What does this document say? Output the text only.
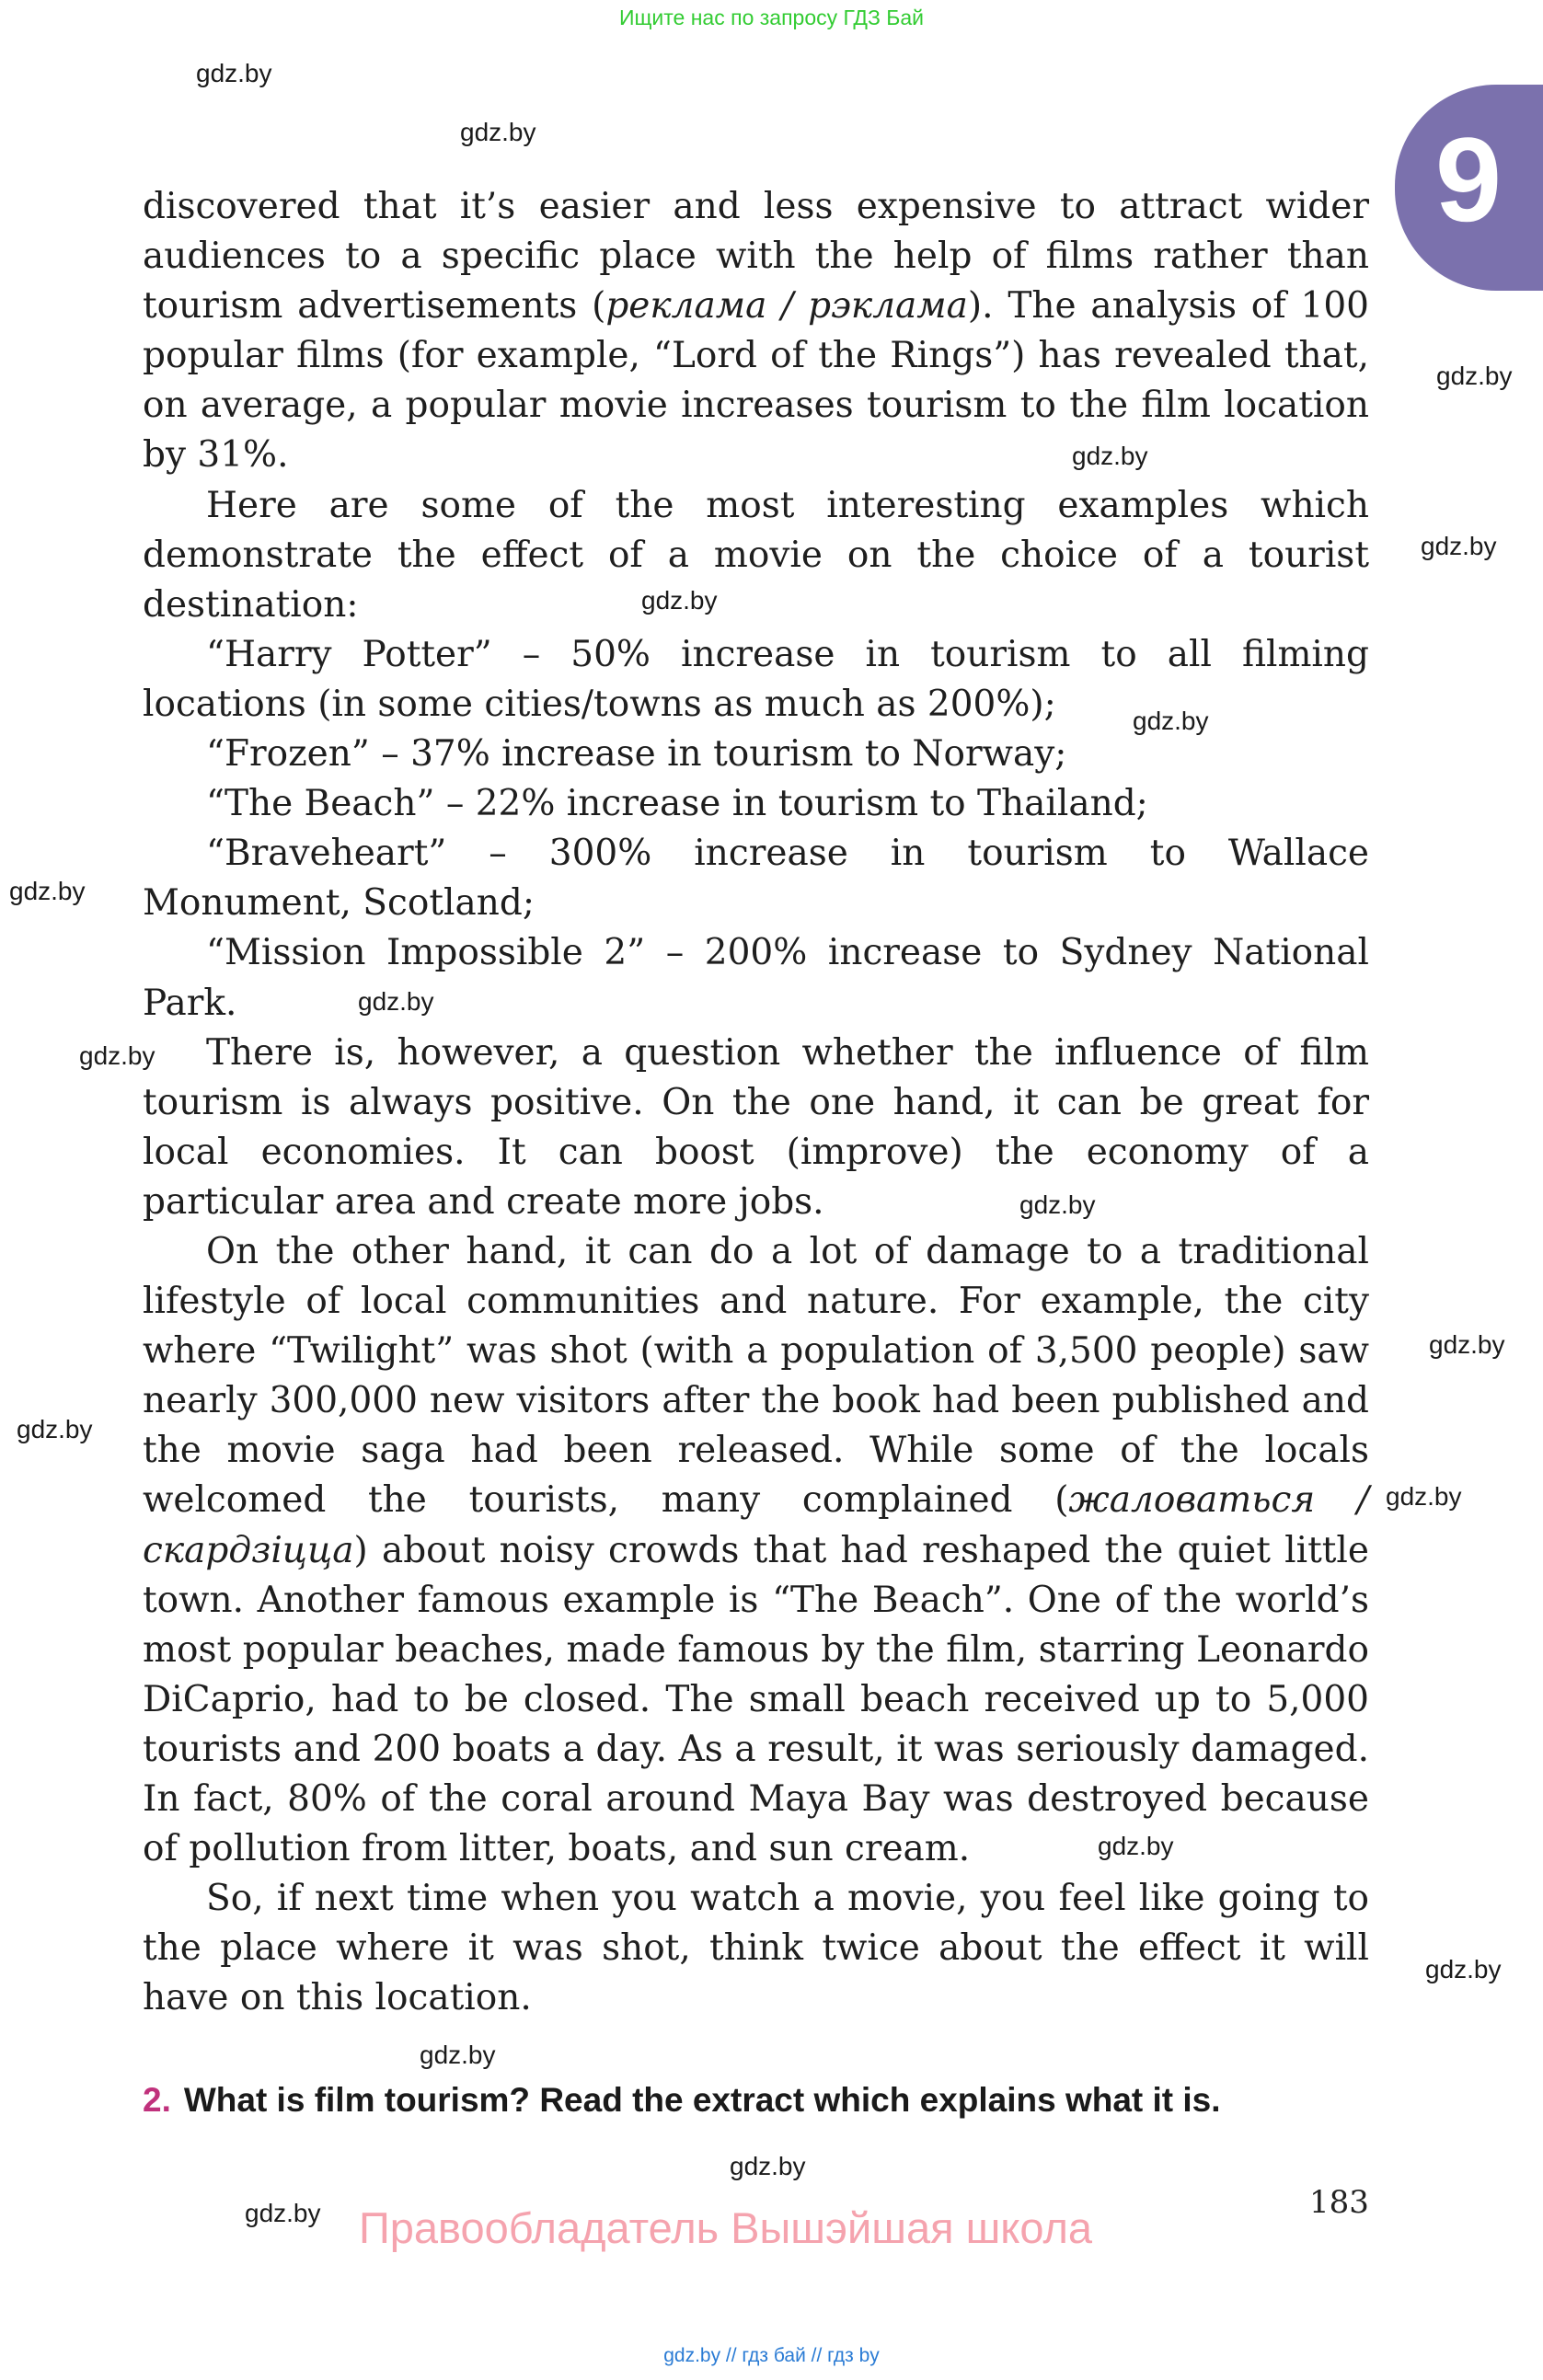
Ищите нас по запросу ГДЗ Бай
9

discovered that it’s easier and less expensive to attract wider audiences to a specific place with the help of films rather than tourism advertisements (реклама / рэклама). The analysis of 100 popular films (for example, “Lord of the Rings”) has revealed that, on average, a popular movie increases tourism to the film location by 31%.

Here are some of the most interesting examples which demonstrate the effect of a movie on the choice of a tourist destination:

“Harry Potter” – 50% increase in tourism to all filming locations (in some cities/towns as much as 200%);

“Frozen” – 37% increase in tourism to Norway;

“The Beach” – 22% increase in tourism to Thailand;

“Braveheart” – 300% increase in tourism to Wallace Monument, Scotland;

“Mission Impossible 2” – 200% increase to Sydney National Park.

There is, however, a question whether the influence of film tourism is always positive. On the one hand, it can be great for local economies. It can boost (improve) the economy of a particular area and create more jobs.

On the other hand, it can do a lot of damage to a traditional lifestyle of local communities and nature. For example, the city where “Twilight” was shot (with a population of 3,500 people) saw nearly 300,000 new visitors after the book had been published and the movie saga had been released. While some of the locals welcomed the tourists, many complained (жаловаться / скардзіцца) about noisy crowds that had reshaped the quiet little town. Another famous example is “The Beach”. One of the world’s most popular beaches, made famous by the film, starring Leonardo DiCaprio, had to be closed. The small beach received up to 5,000 tourists and 200 boats a day. As a result, it was seriously damaged. In fact, 80% of the coral around Maya Bay was destroyed because of pollution from litter, boats, and sun cream.

So, if next time when you watch a movie, you feel like going to the place where it was shot, think twice about the effect it will have on this location.

2. What is film tourism? Read the extract which explains what it is.
183
Правообладатель Вышэйшая школа
gdz.by // гдз бай // гдз by
gdz.by
gdz.by
gdz.by
gdz.by
gdz.by
gdz.by
gdz.by
gdz.by
gdz.by
gdz.by
gdz.by
gdz.by
gdz.by
gdz.by
gdz.by
gdz.by
gdz.by
gdz.by
gdz.by
